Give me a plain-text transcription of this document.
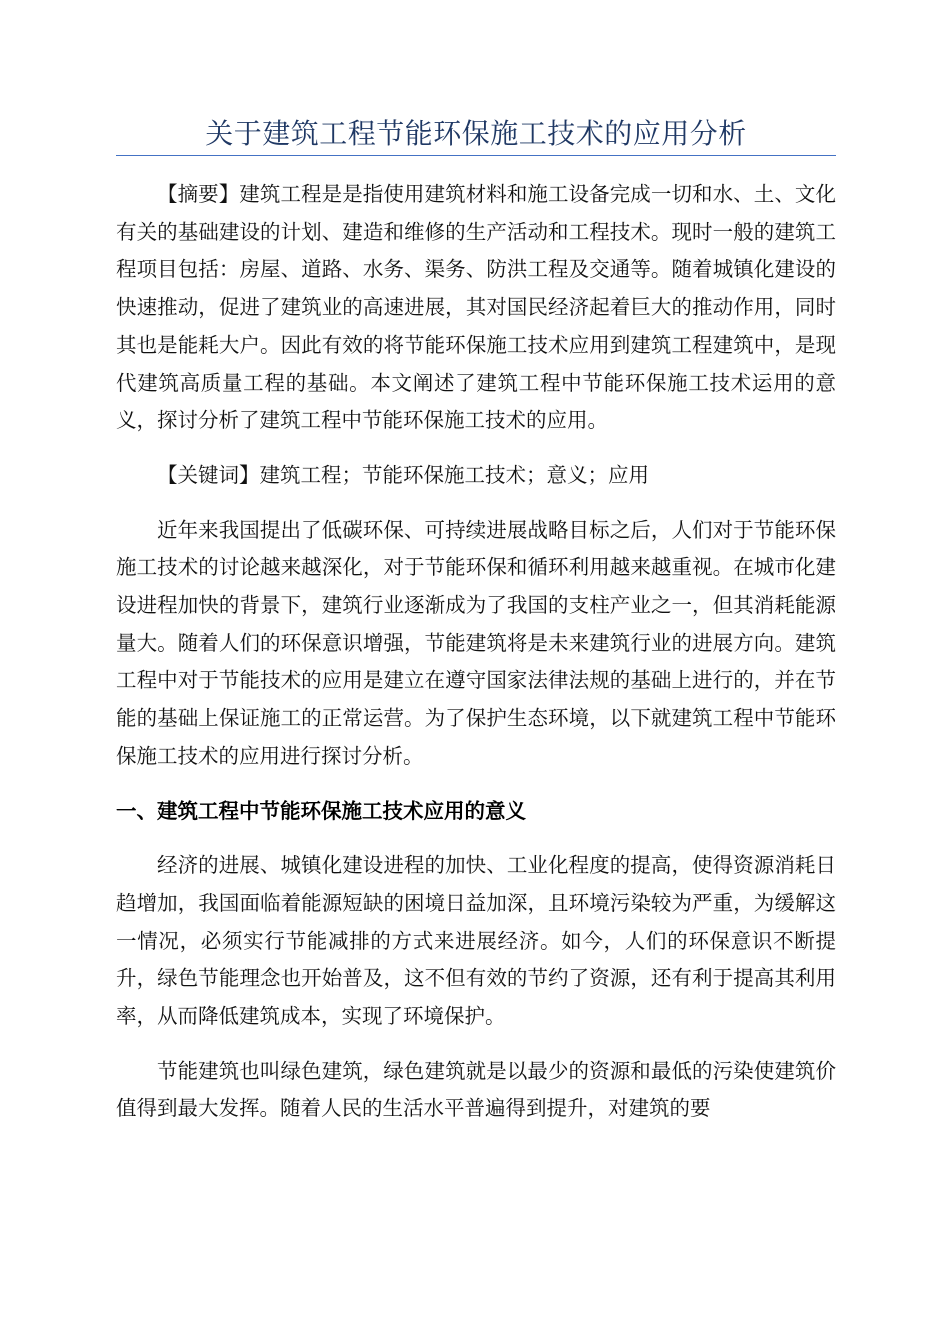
关于建筑工程节能环保施工技术的应用分析

【摘要】建筑工程是是指使用建筑材料和施工设备完成一切和水、土、文化有关的基础建设的计划、建造和维修的生产活动和工程技术。现时一般的建筑工程项目包括：房屋、道路、水务、渠务、防洪工程及交通等。随着城镇化建设的快速推动，促进了建筑业的高速进展，其对国民经济起着巨大的推动作用，同时其也是能耗大户。因此有效的将节能环保施工技术应用到建筑工程建筑中，是现代建筑高质量工程的基础。本文阐述了建筑工程中节能环保施工技术运用的意义，探讨分析了建筑工程中节能环保施工技术的应用。

【关键词】建筑工程；节能环保施工技术；意义；应用

近年来我国提出了低碳环保、可持续进展战略目标之后，人们对于节能环保施工技术的讨论越来越深化，对于节能环保和循环利用越来越重视。在城市化建设进程加快的背景下，建筑行业逐渐成为了我国的支柱产业之一，但其消耗能源量大。随着人们的环保意识增强，节能建筑将是未来建筑行业的进展方向。建筑工程中对于节能技术的应用是建立在遵守国家法律法规的基础上进行的，并在节能的基础上保证施工的正常运营。为了保护生态环境，以下就建筑工程中节能环保施工技术的应用进行探讨分析。

一、建筑工程中节能环保施工技术应用的意义

经济的进展、城镇化建设进程的加快、工业化程度的提高，使得资源消耗日趋增加，我国面临着能源短缺的困境日益加深，且环境污染较为严重，为缓解这一情况，必须实行节能减排的方式来进展经济。如今，人们的环保意识不断提升，绿色节能理念也开始普及，这不但有效的节约了资源，还有利于提高其利用率，从而降低建筑成本，实现了环境保护。

节能建筑也叫绿色建筑，绿色建筑就是以最少的资源和最低的污染使建筑价值得到最大发挥。随着人民的生活水平普遍得到提升，对建筑的要
